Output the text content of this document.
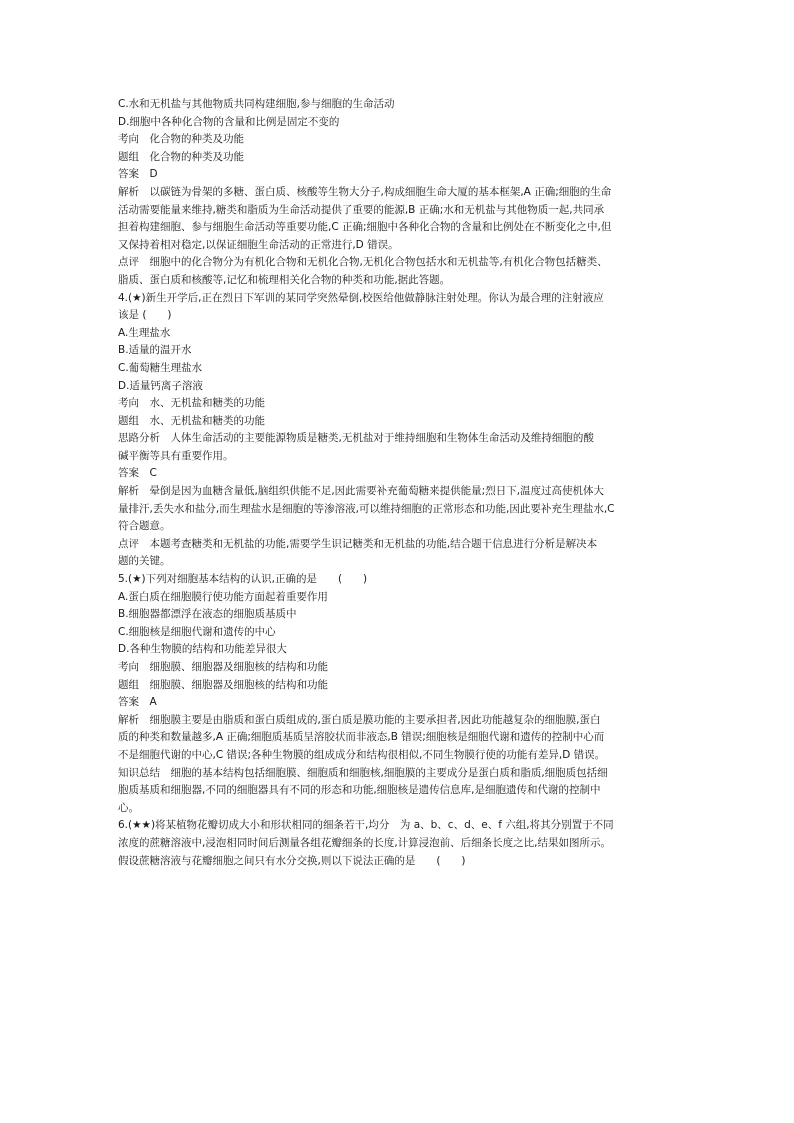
C.水和无机盐与其他物质共同构建细胞,参与细胞的生命活动
D.细胞中各种化合物的含量和比例是固定不变的
考向　化合物的种类及功能
题组　化合物的种类及功能
答案　D
解析　以碳链为骨架的多糖、蛋白质、核酸等生物大分子,构成细胞生命大厦的基本框架,A 正确;细胞的生命
活动需要能量来维持,糖类和脂质为生命活动提供了重要的能源,B 正确;水和无机盐与其他物质一起,共同承
担着构建细胞、参与细胞生命活动等重要功能,C 正确;细胞中各种化合物的含量和比例处在不断变化之中,但
又保持着相对稳定,以保证细胞生命活动的正常进行,D 错误。
点评　细胞中的化合物分为有机化合物和无机化合物,无机化合物包括水和无机盐等,有机化合物包括糖类、
脂质、蛋白质和核酸等,记忆和梳理相关化合物的种类和功能,据此答题。
4.(★)新生开学后,正在烈日下军训的某同学突然晕倒,校医给他做静脉注射处理。你认为最合理的注射液应
该是 (　　)
A.生理盐水
B.适量的温开水
C.葡萄糖生理盐水
D.适量钙离子溶液
考向　水、无机盐和糖类的功能
题组　水、无机盐和糖类的功能
思路分析　人体生命活动的主要能源物质是糖类,无机盐对于维持细胞和生物体生命活动及维持细胞的酸
碱平衡等具有重要作用。
答案　C
解析　晕倒是因为血糖含量低,脑组织供能不足,因此需要补充葡萄糖来提供能量;烈日下,温度过高使机体大
量排汗,丢失水和盐分,而生理盐水是细胞的等渗溶液,可以维持细胞的正常形态和功能,因此要补充生理盐水,C
符合题意。
点评　本题考查糖类和无机盐的功能,需要学生识记糖类和无机盐的功能,结合题干信息进行分析是解决本
题的关键。
5.(★)下列对细胞基本结构的认识,正确的是　　(　　)
A.蛋白质在细胞膜行使功能方面起着重要作用
B.细胞器都漂浮在液态的细胞质基质中
C.细胞核是细胞代谢和遗传的中心
D.各种生物膜的结构和功能差异很大
考向　细胞膜、细胞器及细胞核的结构和功能
题组　细胞膜、细胞器及细胞核的结构和功能
答案　A
解析　细胞膜主要是由脂质和蛋白质组成的,蛋白质是膜功能的主要承担者,因此功能越复杂的细胞膜,蛋白
质的种类和数量越多,A 正确;细胞质基质呈溶胶状而非液态,B 错误;细胞核是细胞代谢和遗传的控制中心而
不是细胞代谢的中心,C 错误;各种生物膜的组成成分和结构很相似,不同生物膜行使的功能有差异,D 错误。
知识总结　细胞的基本结构包括细胞膜、细胞质和细胞核,细胞膜的主要成分是蛋白质和脂质,细胞质包括细
胞质基质和细胞器,不同的细胞器具有不同的形态和功能,细胞核是遗传信息库,是细胞遗传和代谢的控制中
心。
6.(★★)将某植物花瓣切成大小和形状相同的细条若干,均分　为 a、b、c、d、e、f 六组,将其分别置于不同
浓度的蔗糖溶液中,浸泡相同时间后测量各组花瓣细条的长度,计算浸泡前、后细条长度之比,结果如图所示。
假设蔗糖溶液与花瓣细胞之间只有水分交换,则以下说法正确的是　　(　　)
